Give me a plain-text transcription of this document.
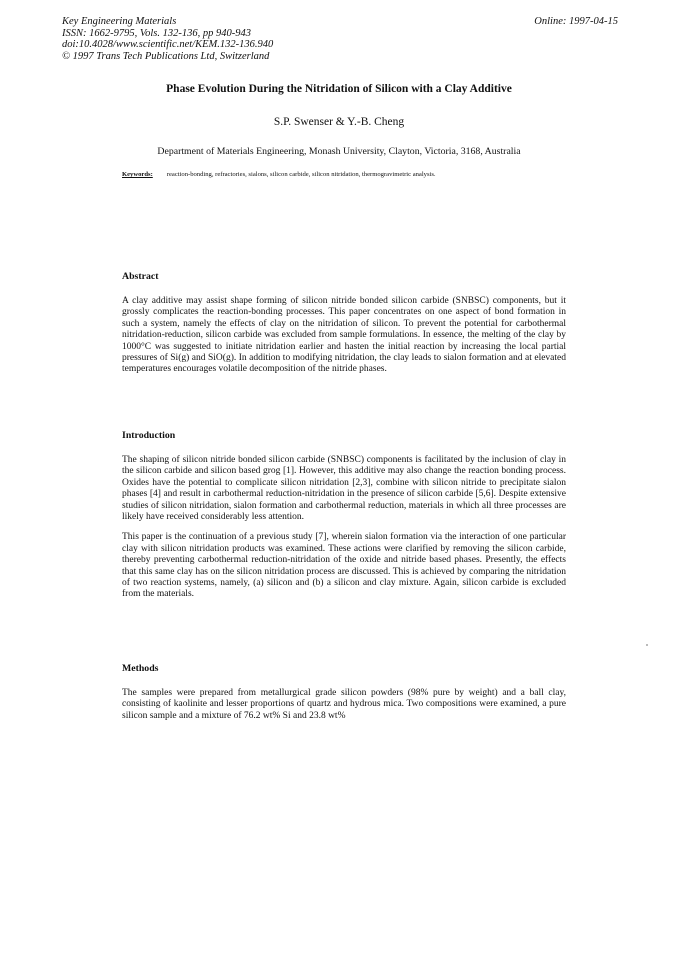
Key Engineering Materials
ISSN: 1662-9795, Vols. 132-136, pp 940-943
doi:10.4028/www.scientific.net/KEM.132-136.940
© 1997 Trans Tech Publications Ltd, Switzerland
Online: 1997-04-15
Phase Evolution During the Nitridation of Silicon with a Clay Additive
S.P. Swenser & Y.-B. Cheng
Department of Materials Engineering, Monash University, Clayton, Victoria, 3168, Australia
Keywords: reaction-bonding, refractories, sialons, silicon carbide, silicon nitridation, thermogravimetric analysis.
Abstract

A clay additive may assist shape forming of silicon nitride bonded silicon carbide (SNBSC) components, but it grossly complicates the reaction-bonding processes. This paper concentrates on one aspect of bond formation in such a system, namely the effects of clay on the nitridation of silicon. To prevent the potential for carbothermal nitridation-reduction, silicon carbide was excluded from sample formulations. In essence, the melting of the clay by 1000°C was suggested to initiate nitridation earlier and hasten the initial reaction by increasing the local partial pressures of Si(g) and SiO(g). In addition to modifying nitridation, the clay leads to sialon formation and at elevated temperatures encourages volatile decomposition of the nitride phases.

Introduction

The shaping of silicon nitride bonded silicon carbide (SNBSC) components is facilitated by the inclusion of clay in the silicon carbide and silicon based grog [1]. However, this additive may also change the reaction bonding process. Oxides have the potential to complicate silicon nitridation [2,3], combine with silicon nitride to precipitate sialon phases [4] and result in carbothermal reduction-nitridation in the presence of silicon carbide [5,6]. Despite extensive studies of silicon nitridation, sialon formation and carbothermal reduction, materials in which all three processes are likely have received considerably less attention.

This paper is the continuation of a previous study [7], wherein sialon formation via the interaction of one particular clay with silicon nitridation products was examined. These actions were clarified by removing the silicon carbide, thereby preventing carbothermal reduction-nitridation of the oxide and nitride based phases. Presently, the effects that this same clay has on the silicon nitridation process are discussed. This is achieved by comparing the nitridation of two reaction systems, namely, (a) silicon and (b) a silicon and clay mixture. Again, silicon carbide is excluded from the materials.

Methods

The samples were prepared from metallurgical grade silicon powders (98% pure by weight) and a ball clay, consisting of kaolinite and lesser proportions of quartz and hydrous mica. Two compositions were examined, a pure silicon sample and a mixture of 76.2 wt% Si and 23.8 wt%
